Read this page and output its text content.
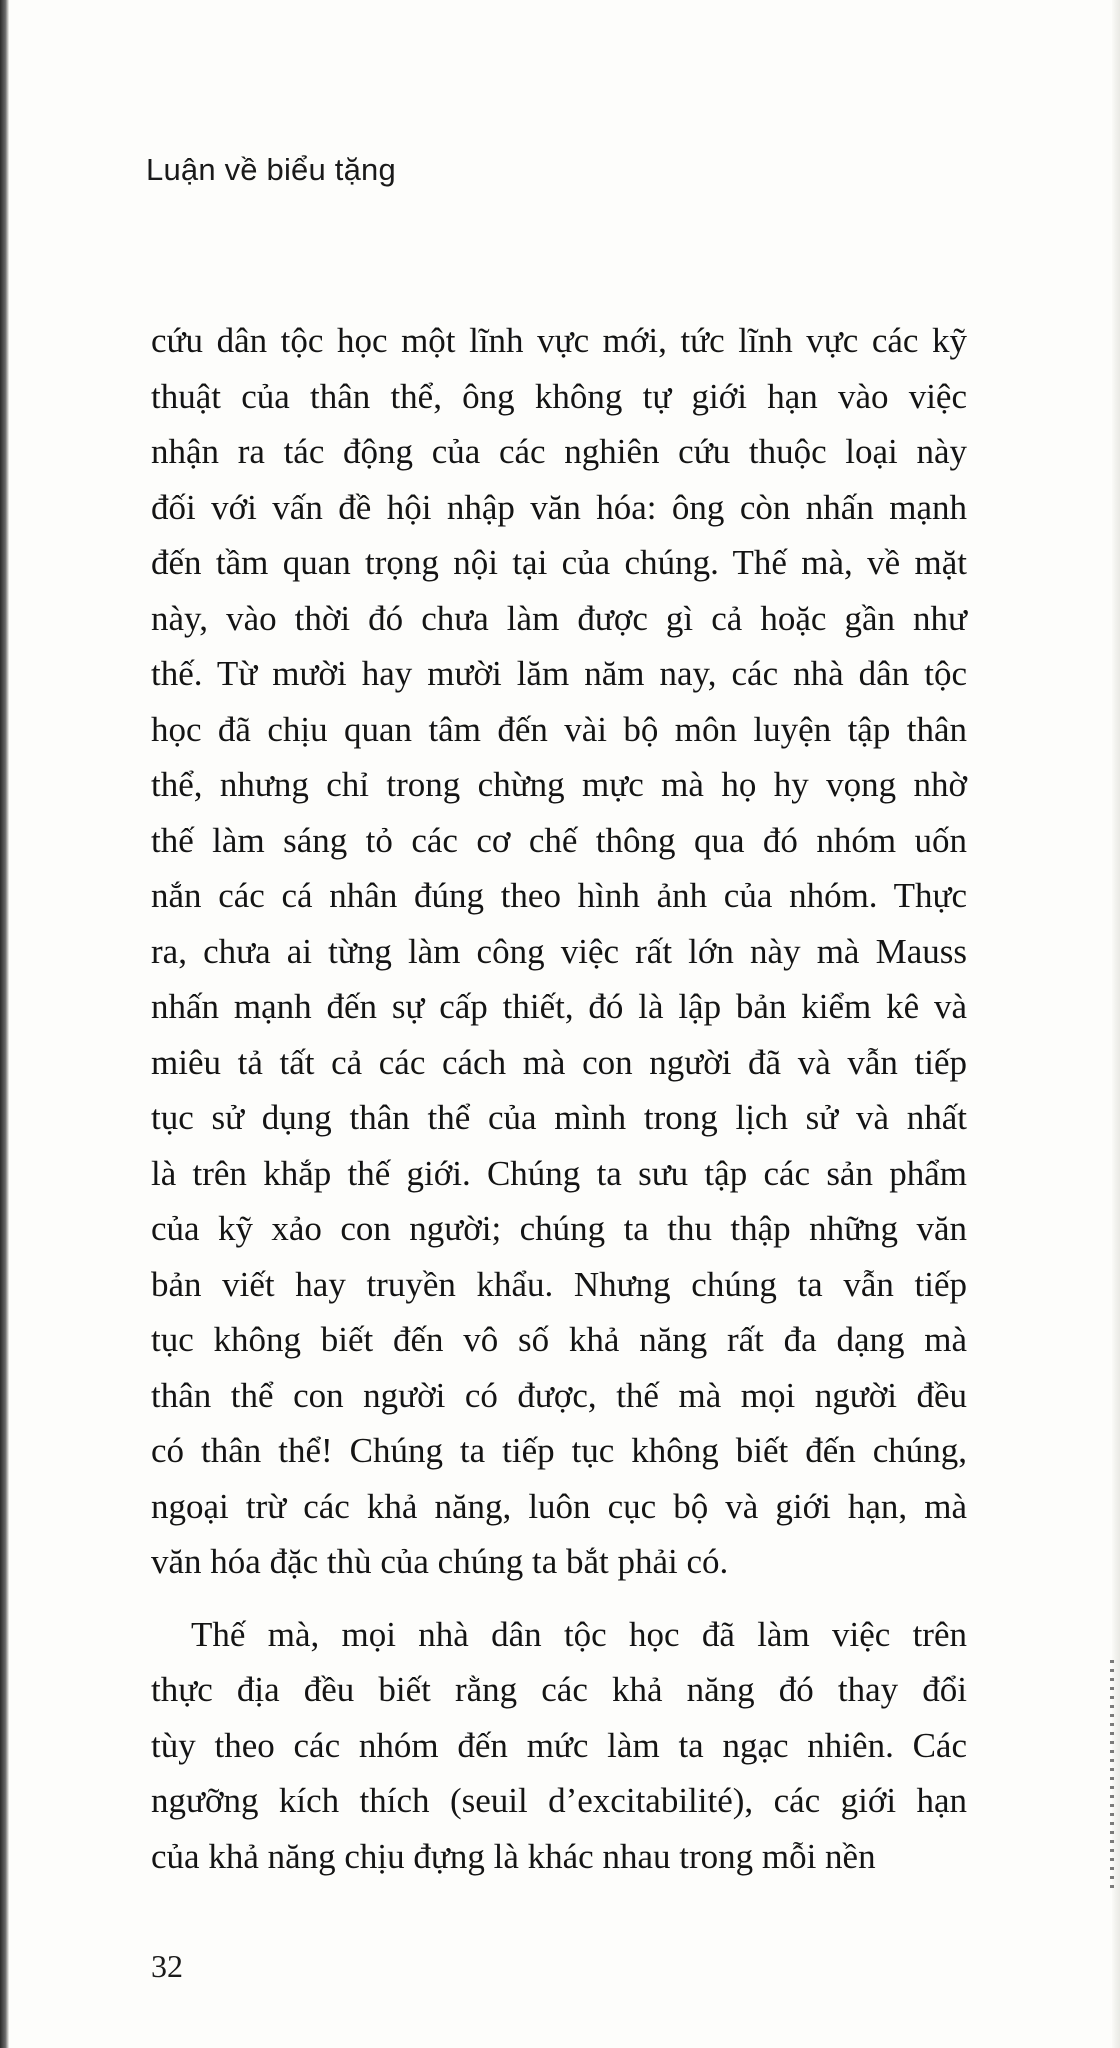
Luận về biểu tặng
cứu dân tộc học một lĩnh vực mới, tức lĩnh vực các kỹ
thuật của thân thể, ông không tự giới hạn vào việc
nhận ra tác động của các nghiên cứu thuộc loại này
đối với vấn đề hội nhập văn hóa: ông còn nhấn mạnh
đến tầm quan trọng nội tại của chúng. Thế mà, về mặt
này, vào thời đó chưa làm được gì cả hoặc gần như
thế. Từ mười hay mười lăm năm nay, các nhà dân tộc
học đã chịu quan tâm đến vài bộ môn luyện tập thân
thể, nhưng chỉ trong chừng mực mà họ hy vọng nhờ
thế làm sáng tỏ các cơ chế thông qua đó nhóm uốn
nắn các cá nhân đúng theo hình ảnh của nhóm. Thực
ra, chưa ai từng làm công việc rất lớn này mà Mauss
nhấn mạnh đến sự cấp thiết, đó là lập bản kiểm kê và
miêu tả tất cả các cách mà con người đã và vẫn tiếp
tục sử dụng thân thể của mình trong lịch sử và nhất
là trên khắp thế giới. Chúng ta sưu tập các sản phẩm
của kỹ xảo con người; chúng ta thu thập những văn
bản viết hay truyền khẩu. Nhưng chúng ta vẫn tiếp
tục không biết đến vô số khả năng rất đa dạng mà
thân thể con người có được, thế mà mọi người đều
có thân thể! Chúng ta tiếp tục không biết đến chúng,
ngoại trừ các khả năng, luôn cục bộ và giới hạn, mà
văn hóa đặc thù của chúng ta bắt phải có.
Thế mà, mọi nhà dân tộc học đã làm việc trên
thực địa đều biết rằng các khả năng đó thay đổi
tùy theo các nhóm đến mức làm ta ngạc nhiên. Các
ngưỡng kích thích (seuil d’excitabilité), các giới hạn
của khả năng chịu đựng là khác nhau trong mỗi nền
32
